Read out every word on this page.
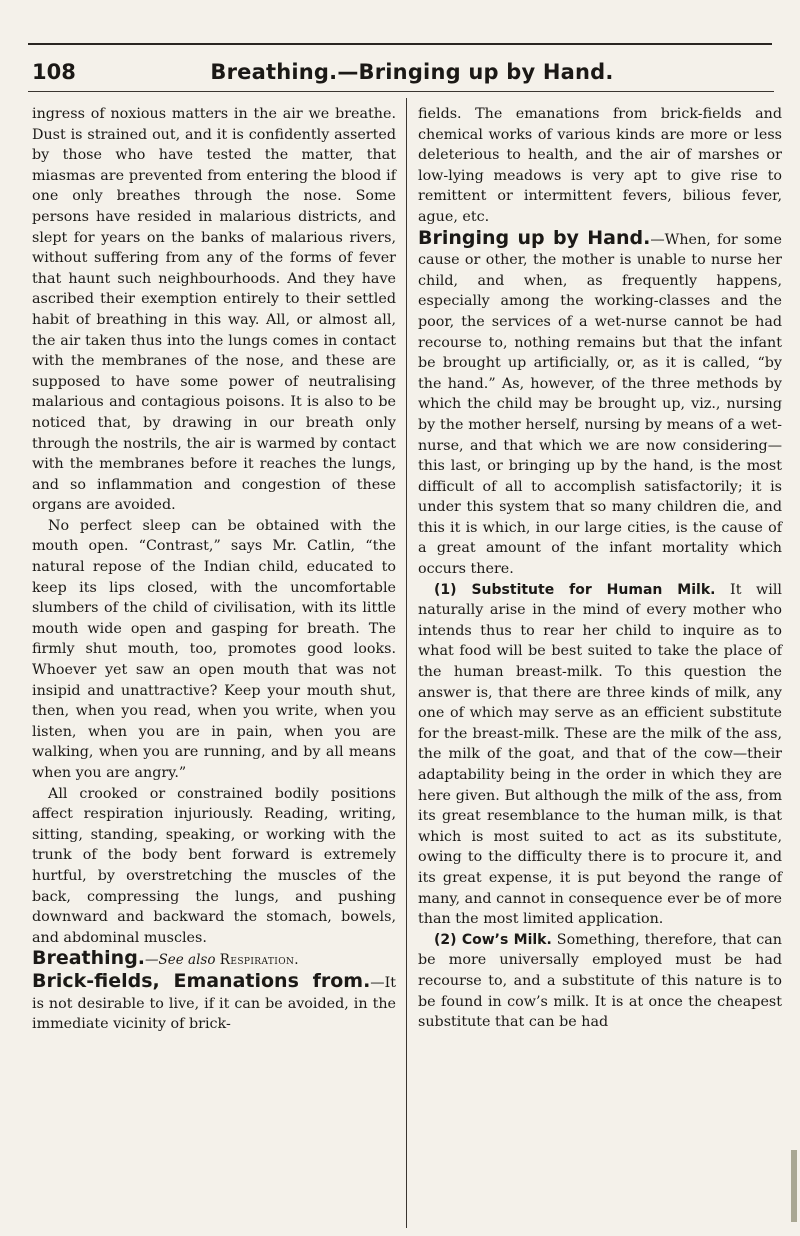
108	Breathing.—Bringing up by Hand.

ingress of noxious matters in the air we breathe. Dust is strained out, and it is confidently asserted by those who have tested the matter, that miasmas are prevented from entering the blood if one only breathes through the nose. Some persons have resided in malarious districts, and slept for years on the banks of malarious rivers, without suffering from any of the forms of fever that haunt such neighbourhoods. And they have ascribed their exemption entirely to their settled habit of breathing in this way. All, or almost all, the air taken thus into the lungs comes in contact with the membranes of the nose, and these are supposed to have some power of neutralising malarious and contagious poisons. It is also to be noticed that, by drawing in our breath only through the nostrils, the air is warmed by contact with the membranes before it reaches the lungs, and so inflammation and congestion of these organs are avoided.

No perfect sleep can be obtained with the mouth open. “Contrast,” says Mr. Catlin, “the natural repose of the Indian child, educated to keep its lips closed, with the uncomfortable slumbers of the child of civilisation, with its little mouth wide open and gasping for breath. The firmly shut mouth, too, promotes good looks. Whoever yet saw an open mouth that was not insipid and unattractive? Keep your mouth shut, then, when you read, when you write, when you listen, when you are in pain, when you are walking, when you are running, and by all means when you are angry.”

All crooked or constrained bodily positions affect respiration injuriously. Reading, writing, sitting, standing, speaking, or working with the trunk of the body bent forward is extremely hurtful, by overstretching the muscles of the back, compressing the lungs, and pushing downward and backward the stomach, bowels, and abdominal muscles.

Breathing.—See also Respiration.

Brick-fields, Emanations from.—It is not desirable to live, if it can be avoided, in the immediate vicinity of brick-

fields. The emanations from brick-fields and chemical works of various kinds are more or less deleterious to health, and the air of marshes or low-lying meadows is very apt to give rise to remittent or intermittent fevers, bilious fever, ague, etc.

Bringing up by Hand.—When, for some cause or other, the mother is unable to nurse her child, and when, as frequently happens, especially among the working-classes and the poor, the services of a wet-nurse cannot be had recourse to, nothing remains but that the infant be brought up artificially, or, as it is called, “by the hand.” As, however, of the three methods by which the child may be brought up, viz., nursing by the mother herself, nursing by means of a wet-nurse, and that which we are now considering—this last, or bringing up by the hand, is the most difficult of all to accomplish satisfactorily; it is under this system that so many children die, and this it is which, in our large cities, is the cause of a great amount of the infant mortality which occurs there.

(1) Substitute for Human Milk. It will naturally arise in the mind of every mother who intends thus to rear her child to inquire as to what food will be best suited to take the place of the human breast-milk. To this question the answer is, that there are three kinds of milk, any one of which may serve as an efficient substitute for the breast-milk. These are the milk of the ass, the milk of the goat, and that of the cow—their adaptability being in the order in which they are here given. But although the milk of the ass, from its great resemblance to the human milk, is that which is most suited to act as its substitute, owing to the difficulty there is to procure it, and its great expense, it is put beyond the range of many, and cannot in consequence ever be of more than the most limited application.

(2) Cow’s Milk. Something, therefore, that can be more universally employed must be had recourse to, and a substitute of this nature is to be found in cow’s milk. It is at once the cheapest substitute that can be had
